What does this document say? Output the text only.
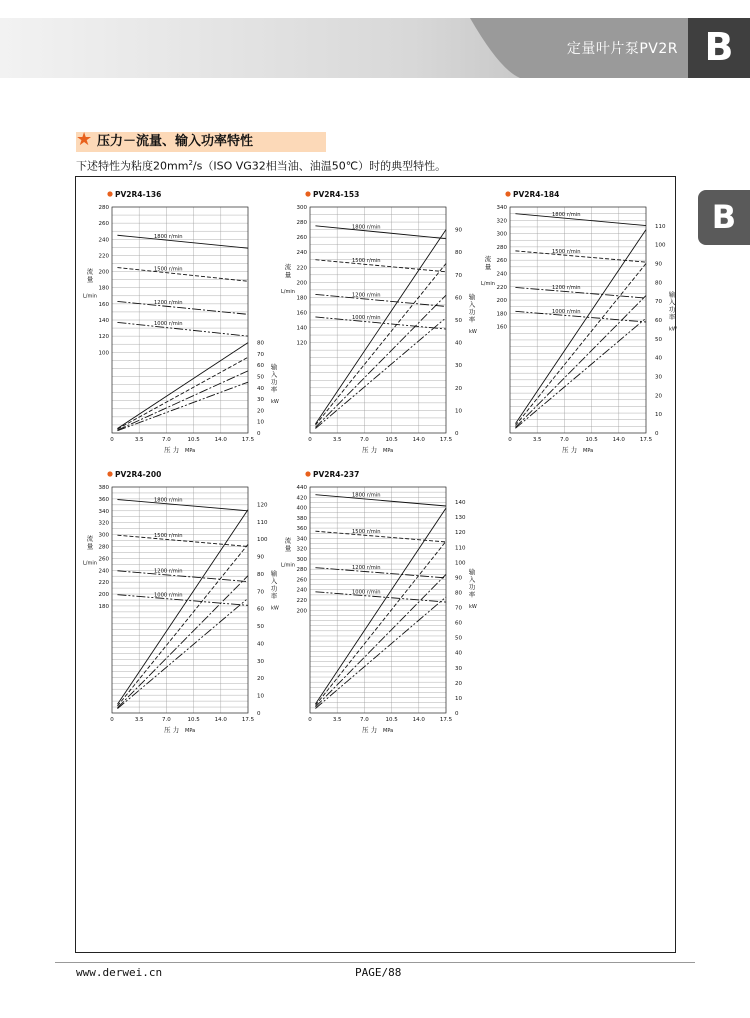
定量叶片泵PV2R B
B
★ 压力－流量、输入功率特性
下述特性为粘度$20mm^2/s(ISO$ VG32相当油、油温50℃）时的典型特性。
PV2R4-136
0	3.5	7.0	10.5	14.0	17.5
压 力 MPa
100
120
140
160
180
200
220
240
260
280
流
量
L/min
0
10
20
30
40
50
60
70
80
输
入
功
率
kW
1800 r/min
1500 r/min
1200 r/min
1000 r/min
PV2R4-153
0	3.5	7.0	10.5	14.0	17.5
压 力 MPa
120
140
160
180
200
220
240
260
280
300
流
量
L/min
0
10
20
30
40
50
60
70
80
90
输
入
功
率
kW
1800 r/min
1500 r/min
1200 r/min
1000 r/min
PV2R4-184
0	3.5	7.0	10.5	14.0	17.5
压 力 MPa
160
180
200
220
240
260
280
300
320
340
流
量
L/min
0
10
20
30
40
50
60
70
80
90
100
110
输
入
功
率
kW
1800 r/min
1500 r/min
1200 r/min
1000 r/min
PV2R4-200
0	3.5	7.0	10.5	14.0	17.5
压 力 MPa
180
200
220
240
260
280
300
320
340
360
380
流
量
L/min
0
10
20
30
40
50
60
70
80
90
100
110
120
输
入
功
率
kW
1800 r/min
1500 r/min
1200 r/min
1000 r/min
PV2R4-237
0	3.5	7.0	10.5	14.0	17.5
压 力 MPa
200
220
240
260
280
300
320
340
360
380
400
420
440
流
量
L/min
0
10
20
30
40
50
60
70
80
90
100
110
120
130
140
输
入
功
率
kW
1800 r/min
1500 r/min
1200 r/min
1000 r/min
www.derwei.cn	PAGE/88
